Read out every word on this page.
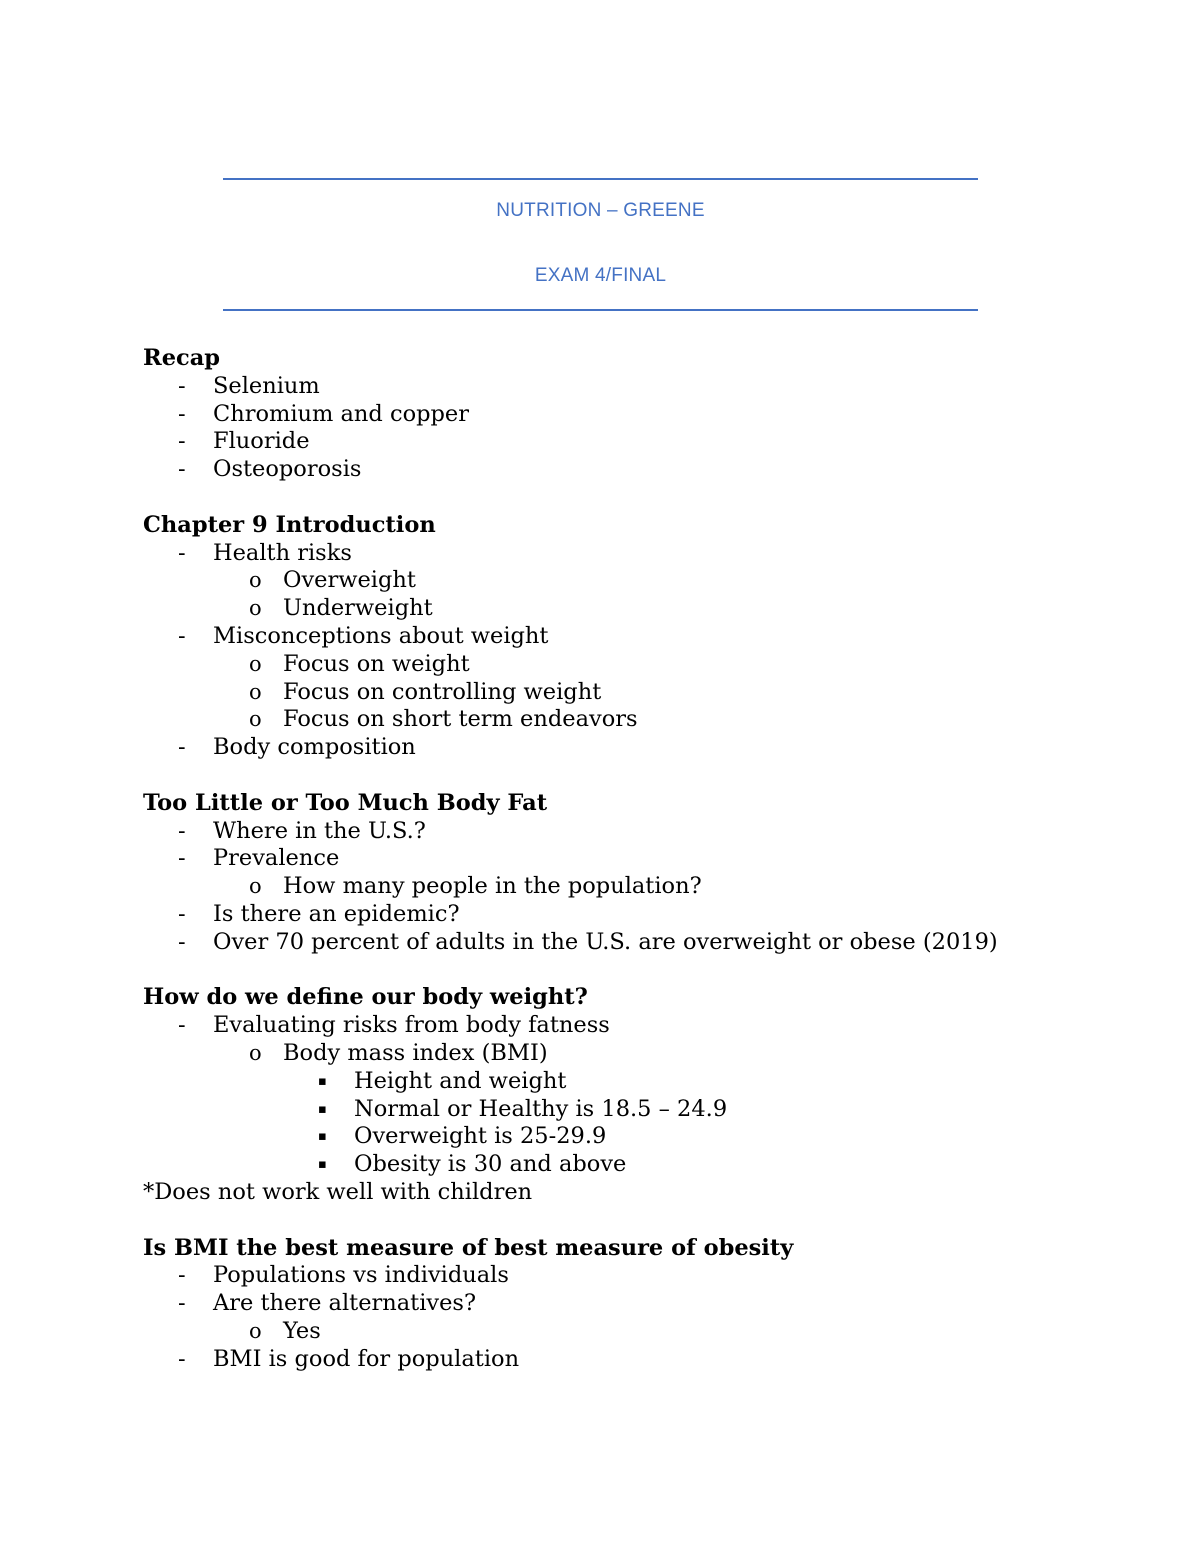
NUTRITION – GREENE
EXAM 4/FINAL

Recap

- Selenium
- Chromium and copper
- Fluoride
- Osteoporosis

Chapter 9 Introduction

- Health risks
o Overweight
o Underweight
- Misconceptions about weight
o Focus on weight
o Focus on controlling weight
o Focus on short term endeavors
- Body composition

Too Little or Too Much Body Fat

- Where in the U.S.?
- Prevalence
o How many people in the population?
- Is there an epidemic?
- Over 70 percent of adults in the U.S. are overweight or obese (2019)

How do we define our body weight?

- Evaluating risks from body fatness
o Body mass index (BMI)
▪ Height and weight
▪ Normal or Healthy is 18.5 – 24.9
▪ Overweight is 25-29.9
▪ Obesity is 30 and above

*Does not work well with children

Is BMI the best measure of best measure of obesity

- Populations vs individuals
- Are there alternatives?
o Yes
- BMI is good for population
